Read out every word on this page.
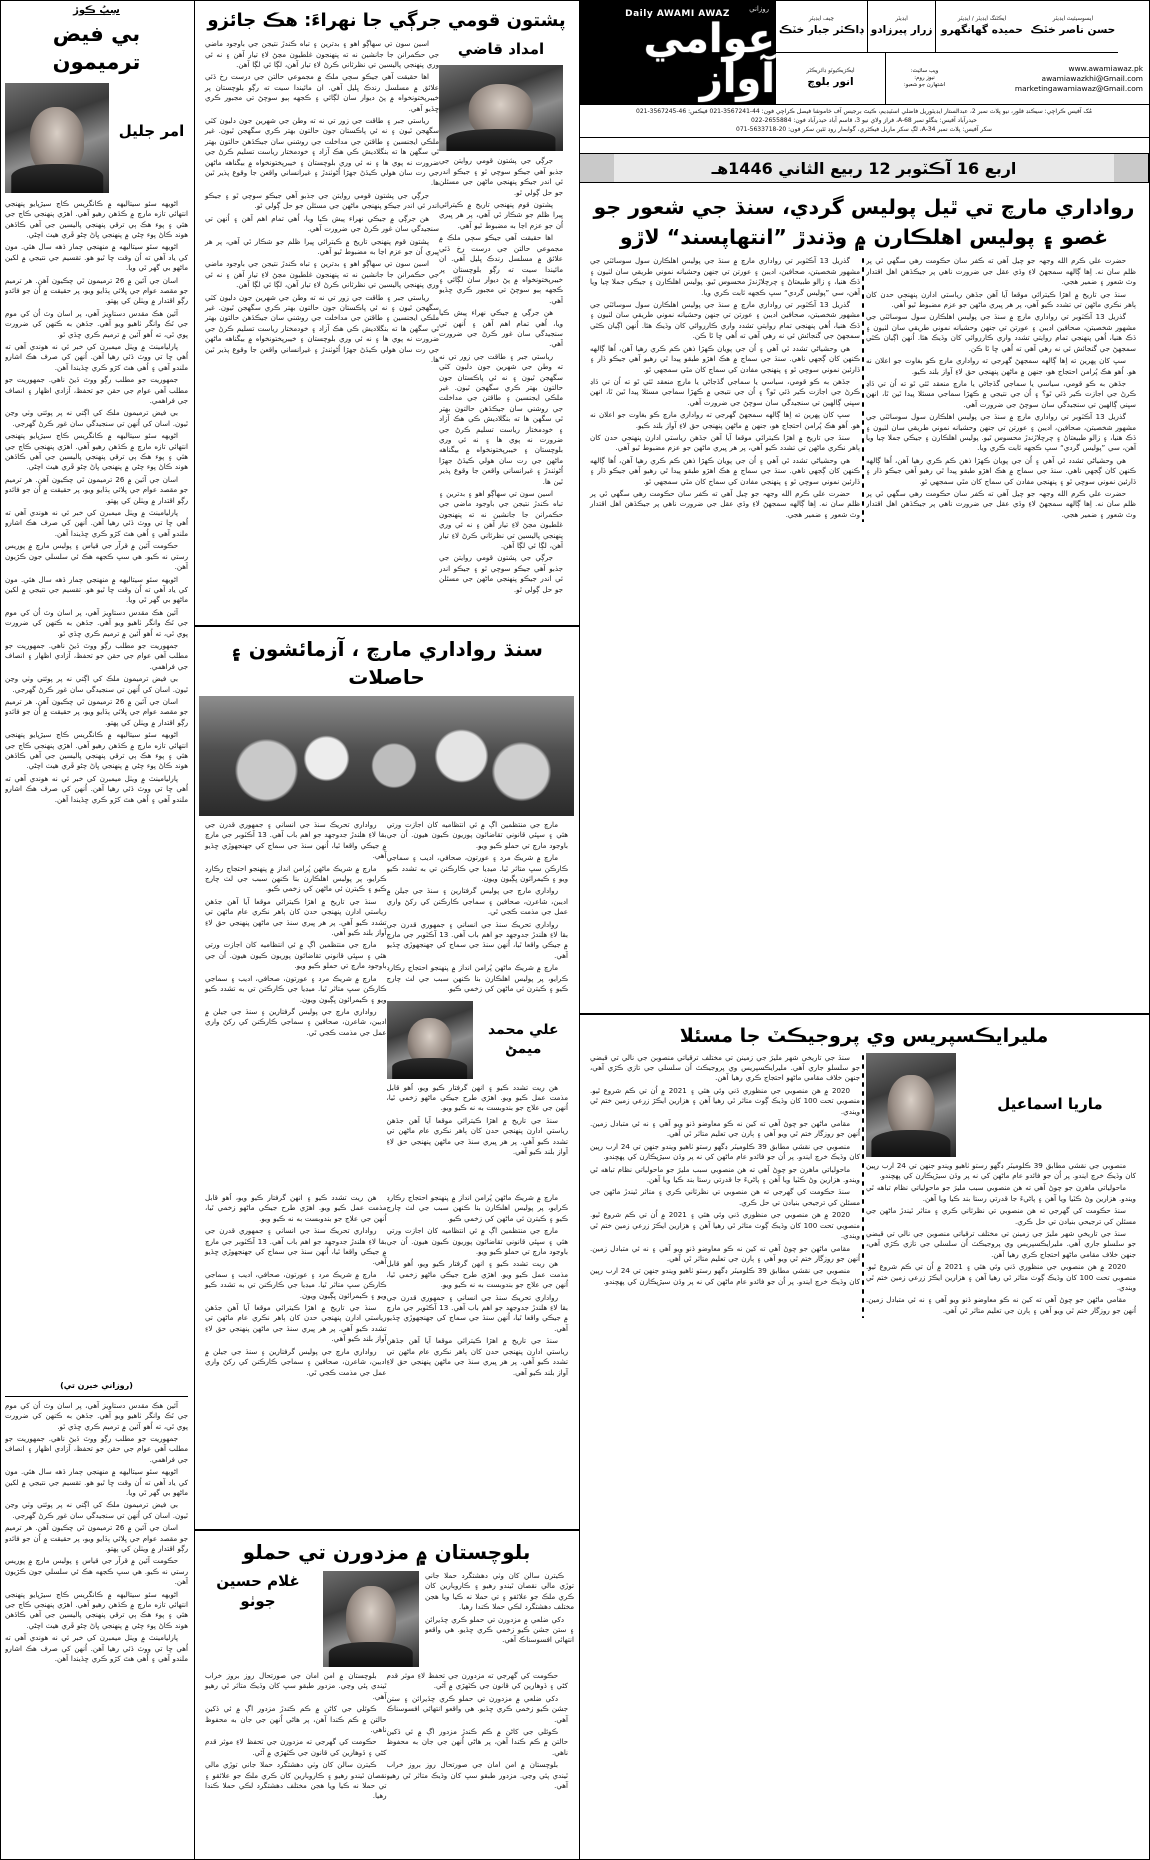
روزاني
Daily AWAMI AWAZ
عوامي آواز
چيف ايڊيٽر
ڊاڪٽر جبار خٽڪ
ايڊيٽر
زرار پيرزادو
ايڪٽنگ ايڊيٽر / ايڊيٽر
حميده گهانگهرو
ايسوسيئيٽ ايڊيٽر
حسن ناصر خٽڪ
ايڪزيڪيوٽو ڊائريڪٽر
انور بلوچ
ويب سائيٽ:
نيوز روم:
اشتهارن جو شعبو:
www.awamiawaz.pk
awamiawazkhi@Gmail.com
marketingawamiawaz@Gmail.com
مُک آفيس ڪراچي: سيڪنڊ فلور، نيو پلاٽ نمبر 2، عبدالستار ايڊيٽوريل فاضلي اسٽيڊيم، ڪيٿ برجيس آف خاموشا فيصل ڪراچي فون: 44-3567241-021 فيڪس: 46-3567245-021
حيدرآباد آفيس: بنگلو نمبر A-68، فراز ولاي نيو 3، قاسم آباد حيدرآباد فون: 2655884-022
سکر آفيس: پلاٽ نمبر A-34، لڳ سکر ماربل فيڪٽري، گوابمار روڊ ٽئين سکر فون: 20-5633718-071
اربع 16 آڪٽوبر 12 ربيع الثاني 1446هـ
رواداري مارچ تي ٿيل پوليس گردي، سنڌ جي شعور جو غصو ۽ پوليس اهلڪارن ۾ وڌندڙ ”انتهاپسند“ لاڙو

گذريل 13 آڪٽوبر تي رواداري مارچ ۾ سنڌ جي پوليس اهلڪارن سول سوسائٽي جي مشهور شخصيتن، صحافين، اديبن ۽ عورتن تي جنهن وحشيانه نموني طريقي سان لٺيون ۽ ڌڪ هنيا، ۽ زالو طبيعتاڻ ۽ چرچلاڙندڙ محسوس ٿيو. پوليس اهلڪارن ۽ جيڪي جملا چيا ويا آهن، سي ”پوليس گردي“ سڀ ڪجهه ثابت ڪري ويا.

گذريل 13 آڪٽوبر تي رواداري مارچ ۾ سنڌ جي پوليس اهلڪارن سول سوسائٽي جي مشهور شخصيتن، صحافين اديبن ۽ عورتن تي جنهن وحشيانه نموني طريقي سان لٺيون ۽ ڌڪ هنيا، اُهي پنهنجي تمام روايتي تشدد واري ڪارروائي کان وڌيڪ هئا. اُنهن اڳيان ڪٿي سمجھڻ جي گنجائش ئي نه رهي آهي ته اُهي ڇا ٿا ڪن.

هي وحشياڻي تشدد ٿي آهي ۽ اُن جي پويان ڪهڙا ذهن ڪم ڪري رهيا آهن، اُها ڳالهه ڪنهن کان ڳجھي ناهي. سنڌ جي سماج ۾ هڪ اهڙو طبقو پيدا ٿي رهيو آهي جيڪو ڌار ۽ ڌارئين نموني سوچي ٿو ۽ پنهنجي مفادن کي سماج کان مٿي سمجهي ٿو.

جڏهن به ڪو قومي، سياسي يا سماجي گڏجاڻي يا مارچ منعقد ٿئي ٿو ته اُن تي ڏاڍ ڪرڻ جي اجازت ڪير ڏئي ٿو؟ ۽ اُن جي نتيجي ۾ ڪهڙا سماجي مسئلا پيدا ٿين ٿا، انهن سڀني ڳالهين تي سنجيدگي سان سوچڻ جي ضرورت آهي.

سڀ کان پهرين ته اِها ڳالهه سمجهڻ گهرجي ته رواداري مارچ ڪو بغاوت جو اعلان نه هو. اُهو هڪ پُرامن احتجاج هو، جنهن ۾ ماڻهن پنهنجي حق لاءِ آواز بلند ڪيو.

سنڌ جي تاريخ ۾ اهڙا ڪيترائي موقعا آيا آهن جڏهن رياستي ادارن پنهنجي حدن کان ٻاهر نڪري ماڻهن تي تشدد ڪيو آهي، پر هر ڀيري ماڻهن جو عزم مضبوط ٿيو آهي.

هي وحشياڻي تشدد ٿي آهي ۽ اُن جي پويان ڪهڙا ذهن ڪم ڪري رهيا آهن، اُها ڳالهه ڪنهن کان ڳجھي ناهي. سنڌ جي سماج ۾ هڪ اهڙو طبقو پيدا ٿي رهيو آهي جيڪو ڌار ۽ ڌارئين نموني سوچي ٿو ۽ پنهنجي مفادن کي سماج کان مٿي سمجهي ٿو.

حضرت علي ڪرم الله وجهہ جو چيل آهي ته ڪفر سان حڪومت رهي سگهي ٿي پر ظلم سان نه. اِها ڳالهه سمجھڻ لاءِ وڏي عقل جي ضرورت ناهي پر جيڪڏهن اهل اقتدار وٽ شعور ۽ ضمير هجي.

حضرت علي ڪرم الله وجهہ جو چيل آهي ته ڪفر سان حڪومت رهي سگهي ٿي پر ظلم سان نه. اِها ڳالهه سمجھڻ لاءِ وڏي عقل جي ضرورت ناهي پر جيڪڏهن اهل اقتدار وٽ شعور ۽ ضمير هجي.

سنڌ جي تاريخ ۾ اهڙا ڪيترائي موقعا آيا آهن جڏهن رياستي ادارن پنهنجي حدن کان ٻاهر نڪري ماڻهن تي تشدد ڪيو آهي، پر هر ڀيري ماڻهن جو عزم مضبوط ٿيو آهي.

گذريل 13 آڪٽوبر تي رواداري مارچ ۾ سنڌ جي پوليس اهلڪارن سول سوسائٽي جي مشهور شخصيتن، صحافين اديبن ۽ عورتن تي جنهن وحشيانه نموني طريقي سان لٺيون ۽ ڌڪ هنيا، اُهي پنهنجي تمام روايتي تشدد واري ڪارروائي کان وڌيڪ هئا. اُنهن اڳيان ڪٿي سمجھڻ جي گنجائش ئي نه رهي آهي ته اُهي ڇا ٿا ڪن.

سڀ کان پهرين ته اِها ڳالهه سمجهڻ گهرجي ته رواداري مارچ ڪو بغاوت جو اعلان نه هو. اُهو هڪ پُرامن احتجاج هو، جنهن ۾ ماڻهن پنهنجي حق لاءِ آواز بلند ڪيو.

جڏهن به ڪو قومي، سياسي يا سماجي گڏجاڻي يا مارچ منعقد ٿئي ٿو ته اُن تي ڏاڍ ڪرڻ جي اجازت ڪير ڏئي ٿو؟ ۽ اُن جي نتيجي ۾ ڪهڙا سماجي مسئلا پيدا ٿين ٿا، انهن سڀني ڳالهين تي سنجيدگي سان سوچڻ جي ضرورت آهي.

گذريل 13 آڪٽوبر تي رواداري مارچ ۾ سنڌ جي پوليس اهلڪارن سول سوسائٽي جي مشهور شخصيتن، صحافين، اديبن ۽ عورتن تي جنهن وحشيانه نموني طريقي سان لٺيون ۽ ڌڪ هنيا، ۽ زالو طبيعتاڻ ۽ چرچلاڙندڙ محسوس ٿيو. پوليس اهلڪارن ۽ جيڪي جملا چيا ويا آهن، سي ”پوليس گردي“ سڀ ڪجهه ثابت ڪري ويا.

هي وحشياڻي تشدد ٿي آهي ۽ اُن جي پويان ڪهڙا ذهن ڪم ڪري رهيا آهن، اُها ڳالهه ڪنهن کان ڳجھي ناهي. سنڌ جي سماج ۾ هڪ اهڙو طبقو پيدا ٿي رهيو آهي جيڪو ڌار ۽ ڌارئين نموني سوچي ٿو ۽ پنهنجي مفادن کي سماج کان مٿي سمجهي ٿو.

حضرت علي ڪرم الله وجهہ جو چيل آهي ته ڪفر سان حڪومت رهي سگهي ٿي پر ظلم سان نه. اِها ڳالهه سمجھڻ لاءِ وڏي عقل جي ضرورت ناهي پر جيڪڏهن اهل اقتدار وٽ شعور ۽ ضمير هجي.

مليرايڪسپريس وي پروجيڪٽ جا مسئلا

سنڌ جي تاريخي شهر مليرَ جي زمينن تي مختلف ترقياتي منصوبن جي نالي تي قبضي جو سلسلو جاري آهي. مليرايڪسپريس وي پروجيڪٽ اُن سلسلي جي تازي ڪڙي آهي، جنهن خلاف مقامي ماڻهو احتجاج ڪري رهيا آهن.

2020 ۾ هن منصوبي جي منظوري ڏني وئي هئي ۽ 2021 ۾ اُن تي ڪم شروع ٿيو. منصوبي تحت 100 کان وڌيڪ ڳوٺ متاثر ٿي رهيا آهن ۽ هزارين ايڪڙ زرعي زمين ختم ٿي ويندي.

مقامي ماڻهن جو چوڻ آهي ته کين نه ڪو معاوضو ڏنو ويو آهي ۽ نه ئي متبادل زمين. اُنهن جو روزگار ختم ٿي ويو آهي ۽ ٻارن جي تعليم متاثر ٿي آهي.

منصوبي جي نقشي مطابق 39 ڪلوميٽر ڊگهو رستو ٺاهيو ويندو جنهن تي 24 ارب رپين کان وڌيڪ خرچ ايندو. پر اُن جو فائدو عام ماڻهن کي نه پر وڏن سيڙپڪارن کي پهچندو.

ماحولياتي ماهرن جو چوڻ آهي ته هن منصوبي سبب مليرَ جو ماحولياتي نظام تباهه ٿي ويندو. هزارين وڻ ڪٽيا ويا آهن ۽ پاڻيءَ جا قدرتي رستا بند ڪيا ويا آهن.

سنڌ حڪومت کي گهرجي ته هن منصوبي تي نظرثاني ڪري ۽ متاثر ٿيندڙ ماڻهن جي مسئلن کي ترجيحي بنيادن تي حل ڪري.

2020 ۾ هن منصوبي جي منظوري ڏني وئي هئي ۽ 2021 ۾ اُن تي ڪم شروع ٿيو. منصوبي تحت 100 کان وڌيڪ ڳوٺ متاثر ٿي رهيا آهن ۽ هزارين ايڪڙ زرعي زمين ختم ٿي ويندي.

مقامي ماڻهن جو چوڻ آهي ته کين نه ڪو معاوضو ڏنو ويو آهي ۽ نه ئي متبادل زمين. اُنهن جو روزگار ختم ٿي ويو آهي ۽ ٻارن جي تعليم متاثر ٿي آهي.

منصوبي جي نقشي مطابق 39 ڪلوميٽر ڊگهو رستو ٺاهيو ويندو جنهن تي 24 ارب رپين کان وڌيڪ خرچ ايندو. پر اُن جو فائدو عام ماڻهن کي نه پر وڏن سيڙپڪارن کي پهچندو.

ماريا اسماعيل

منصوبي جي نقشي مطابق 39 ڪلوميٽر ڊگهو رستو ٺاهيو ويندو جنهن تي 24 ارب رپين کان وڌيڪ خرچ ايندو. پر اُن جو فائدو عام ماڻهن کي نه پر وڏن سيڙپڪارن کي پهچندو.

ماحولياتي ماهرن جو چوڻ آهي ته هن منصوبي سبب مليرَ جو ماحولياتي نظام تباهه ٿي ويندو. هزارين وڻ ڪٽيا ويا آهن ۽ پاڻيءَ جا قدرتي رستا بند ڪيا ويا آهن.

سنڌ حڪومت کي گهرجي ته هن منصوبي تي نظرثاني ڪري ۽ متاثر ٿيندڙ ماڻهن جي مسئلن کي ترجيحي بنيادن تي حل ڪري.

سنڌ جي تاريخي شهر مليرَ جي زمينن تي مختلف ترقياتي منصوبن جي نالي تي قبضي جو سلسلو جاري آهي. مليرايڪسپريس وي پروجيڪٽ اُن سلسلي جي تازي ڪڙي آهي، جنهن خلاف مقامي ماڻهو احتجاج ڪري رهيا آهن.

2020 ۾ هن منصوبي جي منظوري ڏني وئي هئي ۽ 2021 ۾ اُن تي ڪم شروع ٿيو. منصوبي تحت 100 کان وڌيڪ ڳوٺ متاثر ٿي رهيا آهن ۽ هزارين ايڪڙ زرعي زمين ختم ٿي ويندي.

مقامي ماڻهن جو چوڻ آهي ته کين نه ڪو معاوضو ڏنو ويو آهي ۽ نه ئي متبادل زمين. اُنهن جو روزگار ختم ٿي ويو آهي ۽ ٻارن جي تعليم متاثر ٿي آهي.

پشتون قومي جرڳي جا نهراءَ: هڪ جائزو

اسين سون تي سهاڳو اهو ۽ بدترين ۽ تباه ڪندڙ نتيجن جي باوجود ماضي جي حڪمرانن جا جانشين نه ته پنهنجون غلطيون مڃڻ لاءِ تيار آهن ۽ نه ئي وري پنهنجي پاليسين تي نظرثاني ڪرڻ لاءِ تيار آهن، لڳا ئي لڳا آهن.

اها حقيقت آهي جيڪو سڄي ملڪ ۾ مجموعي حالتن جي درست رخ ڏئي علائق ۾ مسلسل رندڪ ڀليل آهي. ان مائيندا سيت ته رڳو بلوچستان پر خيبرپختونخواه ۾ پڻ ديوار سان لڳائي ۽ ڪجهه ٻيو سوچڻ تي مجبور ڪري ڇڏيو آهي.

رياستي جبر ۽ طاقت جي زور تي نه ته وطن جي شهرين جون دليون کٽي سگهجن ٿيون ۽ نه ئي پاڪستان جون حالتون بهتر ڪري سگهجن ٿيون. غير ملڪي ايجنسين ۽ طاقتن جي مداخلت جي روشني سان جيڪڏهن حالتون بهتر ٿي سگهن ها ته بنگلاديش ڪي هڪ آزاد ۽ خودمختار رياست تسليم ڪرڻ جي ضرورت نه پوي ها ۽ نه ئي وري بلوچستان ۽ خيبرپختونخواه ۾ بيگناهه ماڻهن جي رت سان هولي ڪيڏڻ جهڙا اُڻوٺندڙ ۽ غيرانساني واقعن جا وقوع پذير ٿين ها.

جرڳي جي پشتون قومي روايتن جي جذبو آهي جيڪو سوچي ٿو ۽ جيڪو اندر ئي اندر جيڪو پنهنجي ماڻهن جي مسئلن جو حل ڳولي ٿو.

هن جرڳي ۾ جيڪي نهراء پيش ڪيا ويا، اُهي تمام اهم آهن ۽ اُنهن تي سنجيدگي سان غور ڪرڻ جي ضرورت آهي.

پشتون قوم پنهنجي تاريخ ۾ ڪيترائي ڀيرا ظلم جو شڪار ٿي آهي، پر هر ڀيري اُن جو عزم اڃا به مضبوط ٿيو آهي.

اسين سون تي سهاڳو اهو ۽ بدترين ۽ تباه ڪندڙ نتيجن جي باوجود ماضي جي حڪمرانن جا جانشين نه ته پنهنجون غلطيون مڃڻ لاءِ تيار آهن ۽ نه ئي وري پنهنجي پاليسين تي نظرثاني ڪرڻ لاءِ تيار آهن، لڳا ئي لڳا آهن.

رياستي جبر ۽ طاقت جي زور تي نه ته وطن جي شهرين جون دليون کٽي سگهجن ٿيون ۽ نه ئي پاڪستان جون حالتون بهتر ڪري سگهجن ٿيون. غير ملڪي ايجنسين ۽ طاقتن جي مداخلت جي روشني سان جيڪڏهن حالتون بهتر ٿي سگهن ها ته بنگلاديش ڪي هڪ آزاد ۽ خودمختار رياست تسليم ڪرڻ جي ضرورت نه پوي ها ۽ نه ئي وري بلوچستان ۽ خيبرپختونخواه ۾ بيگناهه ماڻهن جي رت سان هولي ڪيڏڻ جهڙا اُڻوٺندڙ ۽ غيرانساني واقعن جا وقوع پذير ٿين ها.

امداد قاضي

جرڳي جي پشتون قومي روايتن جي جذبو آهي جيڪو سوچي ٿو ۽ جيڪو اندر ئي اندر جيڪو پنهنجي ماڻهن جي مسئلن جو حل ڳولي ٿو.

پشتون قوم پنهنجي تاريخ ۾ ڪيترائي ڀيرا ظلم جو شڪار ٿي آهي، پر هر ڀيري اُن جو عزم اڃا به مضبوط ٿيو آهي.

اها حقيقت آهي جيڪو سڄي ملڪ ۾ مجموعي حالتن جي درست رخ ڏئي علائق ۾ مسلسل رندڪ ڀليل آهي. ان مائيندا سيت ته رڳو بلوچستان پر خيبرپختونخواه ۾ پڻ ديوار سان لڳائي ۽ ڪجهه ٻيو سوچڻ تي مجبور ڪري ڇڏيو آهي.

هن جرڳي ۾ جيڪي نهراء پيش ڪيا ويا، اُهي تمام اهم آهن ۽ اُنهن تي سنجيدگي سان غور ڪرڻ جي ضرورت آهي.

رياستي جبر ۽ طاقت جي زور تي نه ته وطن جي شهرين جون دليون کٽي سگهجن ٿيون ۽ نه ئي پاڪستان جون حالتون بهتر ڪري سگهجن ٿيون. غير ملڪي ايجنسين ۽ طاقتن جي مداخلت جي روشني سان جيڪڏهن حالتون بهتر ٿي سگهن ها ته بنگلاديش ڪي هڪ آزاد ۽ خودمختار رياست تسليم ڪرڻ جي ضرورت نه پوي ها ۽ نه ئي وري بلوچستان ۽ خيبرپختونخواه ۾ بيگناهه ماڻهن جي رت سان هولي ڪيڏڻ جهڙا اُڻوٺندڙ ۽ غيرانساني واقعن جا وقوع پذير ٿين ها.

اسين سون تي سهاڳو اهو ۽ بدترين ۽ تباه ڪندڙ نتيجن جي باوجود ماضي جي حڪمرانن جا جانشين نه ته پنهنجون غلطيون مڃڻ لاءِ تيار آهن ۽ نه ئي وري پنهنجي پاليسين تي نظرثاني ڪرڻ لاءِ تيار آهن، لڳا ئي لڳا آهن.

جرڳي جي پشتون قومي روايتن جي جذبو آهي جيڪو سوچي ٿو ۽ جيڪو اندر ئي اندر جيڪو پنهنجي ماڻهن جي مسئلن جو حل ڳولي ٿو.

سنڌ رواداري مارچ ، آزمائشون ۽ حاصلات

رواداري تحريڪ سنڌ جي انساني ۽ جمهوري قدرن جي بقا لاءِ هلندڙ جدوجهد جو اهم باب آهي. 13 آڪٽوبر جي مارچ ۾ جيڪي واقعا ٿيا، اُنهن سنڌ جي سماج کي جھنجھوڙي ڇڏيو آهي.

مارچ ۾ شريڪ ماڻهن پُرامن انداز ۾ پنهنجو احتجاج رڪارڊ ڪرايو، پر پوليس اهلڪارن بنا ڪنهن سبب جي لٺ چارج ڪيو ۽ ڪيترن ئي ماڻهن کي زخمي ڪيو.

سنڌ جي تاريخ ۾ اهڙا ڪيترائي موقعا آيا آهن جڏهن رياستي ادارن پنهنجي حدن کان ٻاهر نڪري عام ماڻهن تي تشدد ڪيو آهي. پر هر ڀيري سنڌ جي ماڻهن پنهنجي حق لاءِ آواز بلند ڪيو آهي.

مارچ جي منتظمين اڳ ۾ ئي انتظاميه کان اجازت ورتي هئي ۽ سڀئي قانوني تقاضائون پوريون ڪيون هيون. اُن جي باوجود مارچ تي حملو ڪيو ويو.

مارچ ۾ شريڪ مرد ۽ عورتون، صحافي، اديب ۽ سماجي ڪارڪن سڀ متاثر ٿيا. ميڊيا جي ڪارڪنن تي به تشدد ڪيو ويو ۽ ڪيمرائون ڀڳيون ويون.

رواداري مارچ جي پوليس گرفتارين ۽ سنڌ جي جيلن ۾ اديبن، شاعرن، صحافين ۽ سماجي ڪارڪنن کي رکڻ واري عمل جي مذمت ڪجي ٿي.

مارچ جي منتظمين اڳ ۾ ئي انتظاميه کان اجازت ورتي هئي ۽ سڀئي قانوني تقاضائون پوريون ڪيون هيون. اُن جي باوجود مارچ تي حملو ڪيو ويو.

مارچ ۾ شريڪ مرد ۽ عورتون، صحافي، اديب ۽ سماجي ڪارڪن سڀ متاثر ٿيا. ميڊيا جي ڪارڪنن تي به تشدد ڪيو ويو ۽ ڪيمرائون ڀڳيون ويون.

رواداري مارچ جي پوليس گرفتارين ۽ سنڌ جي جيلن ۾ اديبن، شاعرن، صحافين ۽ سماجي ڪارڪنن کي رکڻ واري عمل جي مذمت ڪجي ٿي.

رواداري تحريڪ سنڌ جي انساني ۽ جمهوري قدرن جي بقا لاءِ هلندڙ جدوجهد جو اهم باب آهي. 13 آڪٽوبر جي مارچ ۾ جيڪي واقعا ٿيا، اُنهن سنڌ جي سماج کي جھنجھوڙي ڇڏيو آهي.

مارچ ۾ شريڪ ماڻهن پُرامن انداز ۾ پنهنجو احتجاج رڪارڊ ڪرايو، پر پوليس اهلڪارن بنا ڪنهن سبب جي لٺ چارج ڪيو ۽ ڪيترن ئي ماڻهن کي زخمي ڪيو.

علي محمد ميمڻ

هن ريت تشدد ڪيو ۽ انهن گرفتار ڪيو ويو، اُهو قابل مذمت عمل ڪيو ويو. اهڙي طرح جيڪي ماڻهو زخمي ٿيا، اُنهن جي علاج جو بندوبست به نه ڪيو ويو.

سنڌ جي تاريخ ۾ اهڙا ڪيترائي موقعا آيا آهن جڏهن رياستي ادارن پنهنجي حدن کان ٻاهر نڪري عام ماڻهن تي تشدد ڪيو آهي. پر هر ڀيري سنڌ جي ماڻهن پنهنجي حق لاءِ آواز بلند ڪيو آهي.

هن ريت تشدد ڪيو ۽ انهن گرفتار ڪيو ويو، اُهو قابل مذمت عمل ڪيو ويو. اهڙي طرح جيڪي ماڻهو زخمي ٿيا، اُنهن جي علاج جو بندوبست به نه ڪيو ويو.

رواداري تحريڪ سنڌ جي انساني ۽ جمهوري قدرن جي بقا لاءِ هلندڙ جدوجهد جو اهم باب آهي. 13 آڪٽوبر جي مارچ ۾ جيڪي واقعا ٿيا، اُنهن سنڌ جي سماج کي جھنجھوڙي ڇڏيو آهي.

مارچ ۾ شريڪ مرد ۽ عورتون، صحافي، اديب ۽ سماجي ڪارڪن سڀ متاثر ٿيا. ميڊيا جي ڪارڪنن تي به تشدد ڪيو ويو ۽ ڪيمرائون ڀڳيون ويون.

سنڌ جي تاريخ ۾ اهڙا ڪيترائي موقعا آيا آهن جڏهن رياستي ادارن پنهنجي حدن کان ٻاهر نڪري عام ماڻهن تي تشدد ڪيو آهي. پر هر ڀيري سنڌ جي ماڻهن پنهنجي حق لاءِ آواز بلند ڪيو آهي.

رواداري مارچ جي پوليس گرفتارين ۽ سنڌ جي جيلن ۾ اديبن، شاعرن، صحافين ۽ سماجي ڪارڪنن کي رکڻ واري عمل جي مذمت ڪجي ٿي.

مارچ ۾ شريڪ ماڻهن پُرامن انداز ۾ پنهنجو احتجاج رڪارڊ ڪرايو، پر پوليس اهلڪارن بنا ڪنهن سبب جي لٺ چارج ڪيو ۽ ڪيترن ئي ماڻهن کي زخمي ڪيو.

مارچ جي منتظمين اڳ ۾ ئي انتظاميه کان اجازت ورتي هئي ۽ سڀئي قانوني تقاضائون پوريون ڪيون هيون. اُن جي باوجود مارچ تي حملو ڪيو ويو.

هن ريت تشدد ڪيو ۽ انهن گرفتار ڪيو ويو، اُهو قابل مذمت عمل ڪيو ويو. اهڙي طرح جيڪي ماڻهو زخمي ٿيا، اُنهن جي علاج جو بندوبست به نه ڪيو ويو.

رواداري تحريڪ سنڌ جي انساني ۽ جمهوري قدرن جي بقا لاءِ هلندڙ جدوجهد جو اهم باب آهي. 13 آڪٽوبر جي مارچ ۾ جيڪي واقعا ٿيا، اُنهن سنڌ جي سماج کي جھنجھوڙي ڇڏيو آهي.

سنڌ جي تاريخ ۾ اهڙا ڪيترائي موقعا آيا آهن جڏهن رياستي ادارن پنهنجي حدن کان ٻاهر نڪري عام ماڻهن تي تشدد ڪيو آهي. پر هر ڀيري سنڌ جي ماڻهن پنهنجي حق لاءِ آواز بلند ڪيو آهي.

بلوچستان ۾ مزدورن تي حملو
غلام حسين جوٺو

ڪيترن سالن کان وٺي دهشتگرد حملا جاني توڙي مالي نقصان ٿيندو رهيو ۽ ڪاروبارين کان ڪري ملڪ جو علائقو ۽ تي حملا نه ڪيا ويا هجن مختلف دهشتگرد لڪي حملا ڪندا رهيا.

دکي ضلعي ۾ مزدورن تي حملو ڪري چڏيرائن ۽ ستن جشن ڪيو زخمي ڪري ڇڏيو. هي واقعو انتهائي افسوسناڪ آهي.

بلوچستان ۾ امن امان جي صورتحال روز بروز خراب ٿيندي پئي وڃي. مزدور طبقو سڀ کان وڌيڪ متاثر ٿي رهيو آهي.

ڪوئلي جي کاڻن ۾ ڪم ڪندڙ مزدور اڳ ۾ ئي ڏکين حالتن ۾ ڪم ڪندا آهن، پر هاڻي اُنهن جي جان به محفوظ ناهي.

حڪومت کي گهرجي ته مزدورن جي تحفظ لاءِ موثر قدم کڻي ۽ ڏوهارين کي قانون جي ڪٽهڙي ۾ آڻي.

ڪيترن سالن کان وٺي دهشتگرد حملا جاني توڙي مالي نقصان ٿيندو رهيو ۽ ڪاروبارين کان ڪري ملڪ جو علائقو ۽ تي حملا نه ڪيا ويا هجن مختلف دهشتگرد لڪي حملا ڪندا رهيا.

حڪومت کي گهرجي ته مزدورن جي تحفظ لاءِ موثر قدم کڻي ۽ ڏوهارين کي قانون جي ڪٽهڙي ۾ آڻي.

دکي ضلعي ۾ مزدورن تي حملو ڪري چڏيرائن ۽ ستن جشن ڪيو زخمي ڪري ڇڏيو. هي واقعو انتهائي افسوسناڪ آهي.

ڪوئلي جي کاڻن ۾ ڪم ڪندڙ مزدور اڳ ۾ ئي ڏکين حالتن ۾ ڪم ڪندا آهن، پر هاڻي اُنهن جي جان به محفوظ ناهي.

بلوچستان ۾ امن امان جي صورتحال روز بروز خراب ٿيندي پئي وڃي. مزدور طبقو سڀ کان وڌيڪ متاثر ٿي رهيو آهي.

سِپُ ڪوڙ
بي فيض ترميمون
امر جليل

اڻويهه سئو سيتاليهه ۾ ڪانگريس ڪاڄ سيڙپايو پنهنجي انتهائي تازه مارچ ۾ ڪڏهن رهيو آهي. اهڙي پنهنجي ڪاڄ جي هئي ۽ پوء هڪ ٻي ترقي پنهنجي پاليسين جي آهي ڪاڏهن هوند ڪاڻ پوء چڻي ۾ پنهنجي ڀاڻ چڻو ڦري هيٺ اچڻي.

اڻويهه سئو سيتاليهه ۾ منهنجي ڄمار ڏهه سال هئي. مون کي ياد آهي ته اُن وقت ڇا ٿيو هو. تقسيم جي نتيجي ۾ لکين ماڻهو بي گهر ٿي ويا.

اسان جي آئين ۾ 26 ترميمون ٿي چڪيون آهن. هر ترميم جو مقصد عوام جي ڀلائي ٻڌايو ويو، پر حقيقت ۾ اُن جو فائدو رڳو اقتدار ۾ ويٺلن کي پهتو.

آئين هڪ مقدس دستاويز آهي، پر اسان وٽ اُن کي موم جي نَڪ وانگر ٺاهيو ويو آهي. جڏهن به ڪنهن کي ضرورت پوي ٿي، ته اُهو آئين ۾ ترميم ڪري ڇڏي ٿو.

پارليامينٽ ۾ ويٺل ميمبرن کي خبر ئي نه هوندي آهي ته اُهي ڇا تي ووٽ ڏئي رهيا آهن. اُنهن کي صرف هڪ اشارو ملندو آهي ۽ اُهي هٿ کڙو ڪري ڇڏيندا آهن.

جمهوريت جو مطلب رڳو ووٽ ڏيڻ ناهي. جمهوريت جو مطلب آهي عوام جي حقن جو تحفظ، آزادي اظهار ۽ انصاف جي فراهمي.

بي فيض ترميمون ملڪ کي اڳتي نه پر پوئتي وٺي وڃن ٿيون. اسان کي اُنهن تي سنجيدگي سان غور ڪرڻ گهرجي.

اڻويهه سئو سيتاليهه ۾ ڪانگريس ڪاڄ سيڙپايو پنهنجي انتهائي تازه مارچ ۾ ڪڏهن رهيو آهي. اهڙي پنهنجي ڪاڄ جي هئي ۽ پوء هڪ ٻي ترقي پنهنجي پاليسين جي آهي ڪاڏهن هوند ڪاڻ پوء چڻي ۾ پنهنجي ڀاڻ چڻو ڦري هيٺ اچڻي.

اسان جي آئين ۾ 26 ترميمون ٿي چڪيون آهن. هر ترميم جو مقصد عوام جي ڀلائي ٻڌايو ويو، پر حقيقت ۾ اُن جو فائدو رڳو اقتدار ۾ ويٺلن کي پهتو.

پارليامينٽ ۾ ويٺل ميمبرن کي خبر ئي نه هوندي آهي ته اُهي ڇا تي ووٽ ڏئي رهيا آهن. اُنهن کي صرف هڪ اشارو ملندو آهي ۽ اُهي هٿ کڙو ڪري ڇڏيندا آهن.

حڪومت آئين ۾ قرآر جي قياس ۽ پوليس مارچ ۾ پوريس رستي نه ڪيو. هي سڀ ڪجهه هڪ ئي سلسلي جون ڪڙيون آهن.

اڻويهه سئو سيتاليهه ۾ منهنجي ڄمار ڏهه سال هئي. مون کي ياد آهي ته اُن وقت ڇا ٿيو هو. تقسيم جي نتيجي ۾ لکين ماڻهو بي گهر ٿي ويا.

آئين هڪ مقدس دستاويز آهي، پر اسان وٽ اُن کي موم جي نَڪ وانگر ٺاهيو ويو آهي. جڏهن به ڪنهن کي ضرورت پوي ٿي، ته اُهو آئين ۾ ترميم ڪري ڇڏي ٿو.

جمهوريت جو مطلب رڳو ووٽ ڏيڻ ناهي. جمهوريت جو مطلب آهي عوام جي حقن جو تحفظ، آزادي اظهار ۽ انصاف جي فراهمي.

بي فيض ترميمون ملڪ کي اڳتي نه پر پوئتي وٺي وڃن ٿيون. اسان کي اُنهن تي سنجيدگي سان غور ڪرڻ گهرجي.

اسان جي آئين ۾ 26 ترميمون ٿي چڪيون آهن. هر ترميم جو مقصد عوام جي ڀلائي ٻڌايو ويو، پر حقيقت ۾ اُن جو فائدو رڳو اقتدار ۾ ويٺلن کي پهتو.

اڻويهه سئو سيتاليهه ۾ ڪانگريس ڪاڄ سيڙپايو پنهنجي انتهائي تازه مارچ ۾ ڪڏهن رهيو آهي. اهڙي پنهنجي ڪاڄ جي هئي ۽ پوء هڪ ٻي ترقي پنهنجي پاليسين جي آهي ڪاڏهن هوند ڪاڻ پوء چڻي ۾ پنهنجي ڀاڻ چڻو ڦري هيٺ اچڻي.

پارليامينٽ ۾ ويٺل ميمبرن کي خبر ئي نه هوندي آهي ته اُهي ڇا تي ووٽ ڏئي رهيا آهن. اُنهن کي صرف هڪ اشارو ملندو آهي ۽ اُهي هٿ کڙو ڪري ڇڏيندا آهن.

(روزاني خبرن تي)

آئين هڪ مقدس دستاويز آهي، پر اسان وٽ اُن کي موم جي نَڪ وانگر ٺاهيو ويو آهي. جڏهن به ڪنهن کي ضرورت پوي ٿي، ته اُهو آئين ۾ ترميم ڪري ڇڏي ٿو.

جمهوريت جو مطلب رڳو ووٽ ڏيڻ ناهي. جمهوريت جو مطلب آهي عوام جي حقن جو تحفظ، آزادي اظهار ۽ انصاف جي فراهمي.

اڻويهه سئو سيتاليهه ۾ منهنجي ڄمار ڏهه سال هئي. مون کي ياد آهي ته اُن وقت ڇا ٿيو هو. تقسيم جي نتيجي ۾ لکين ماڻهو بي گهر ٿي ويا.

بي فيض ترميمون ملڪ کي اڳتي نه پر پوئتي وٺي وڃن ٿيون. اسان کي اُنهن تي سنجيدگي سان غور ڪرڻ گهرجي.

اسان جي آئين ۾ 26 ترميمون ٿي چڪيون آهن. هر ترميم جو مقصد عوام جي ڀلائي ٻڌايو ويو، پر حقيقت ۾ اُن جو فائدو رڳو اقتدار ۾ ويٺلن کي پهتو.

حڪومت آئين ۾ قرآر جي قياس ۽ پوليس مارچ ۾ پوريس رستي نه ڪيو. هي سڀ ڪجهه هڪ ئي سلسلي جون ڪڙيون آهن.

اڻويهه سئو سيتاليهه ۾ ڪانگريس ڪاڄ سيڙپايو پنهنجي انتهائي تازه مارچ ۾ ڪڏهن رهيو آهي. اهڙي پنهنجي ڪاڄ جي هئي ۽ پوء هڪ ٻي ترقي پنهنجي پاليسين جي آهي ڪاڏهن هوند ڪاڻ پوء چڻي ۾ پنهنجي ڀاڻ چڻو ڦري هيٺ اچڻي.

پارليامينٽ ۾ ويٺل ميمبرن کي خبر ئي نه هوندي آهي ته اُهي ڇا تي ووٽ ڏئي رهيا آهن. اُنهن کي صرف هڪ اشارو ملندو آهي ۽ اُهي هٿ کڙو ڪري ڇڏيندا آهن.
